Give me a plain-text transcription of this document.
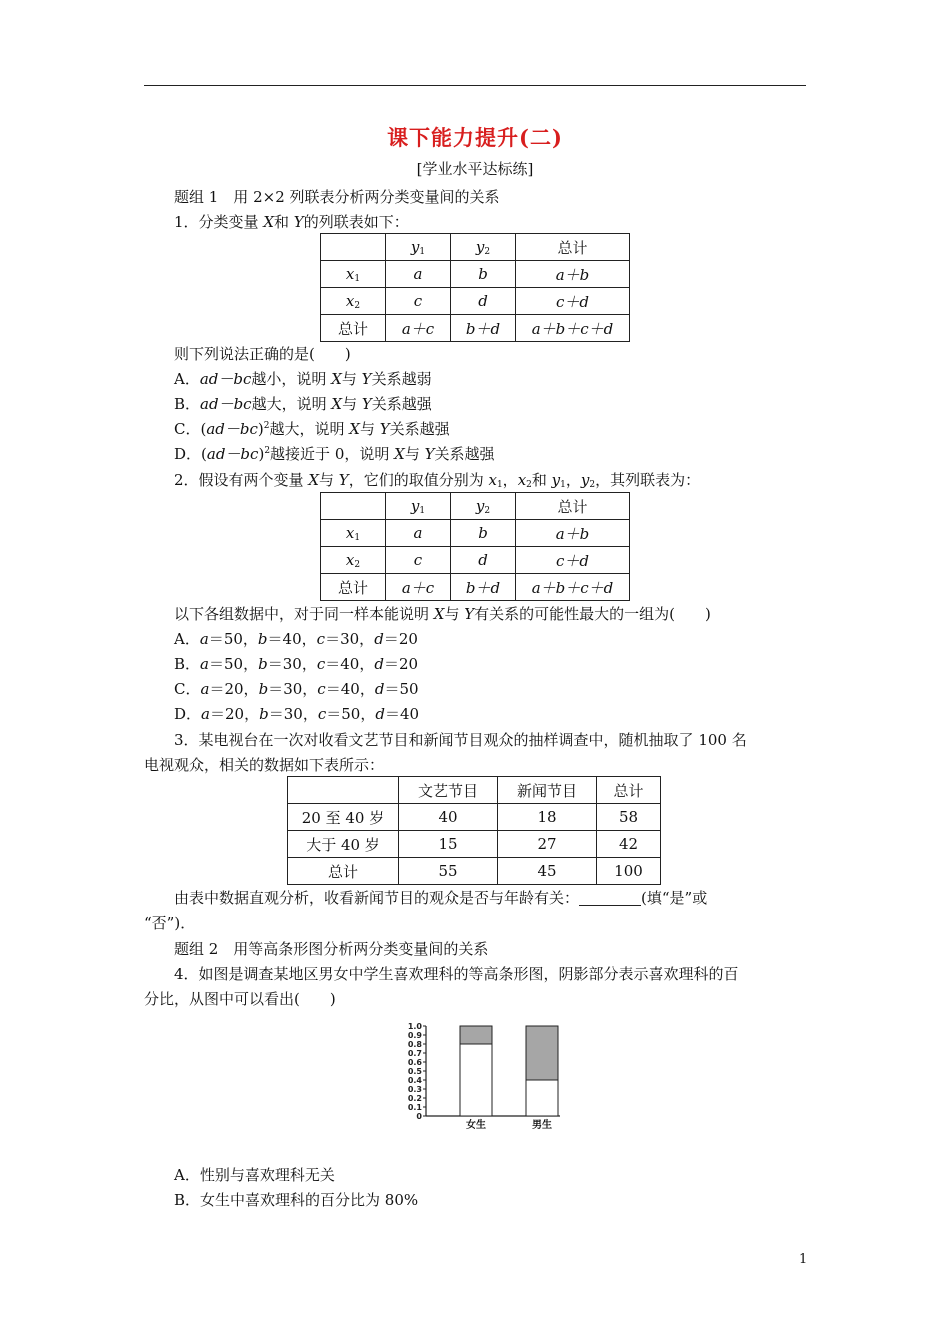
课下能力提升(二)
[学业水平达标练]
题组 1　用 2×2 列联表分析两分类变量间的关系
1．分类变量 X和 Y的列联表如下：
	$y_1$	$y_2$	总计
$x_1$	a	b	a＋b
$x_2$	c	d	c＋d
总计	a＋c	b＋d	a＋b＋c＋d
则下列说法正确的是(　　)
A．ad－bc越小，说明 X与 Y关系越弱
B．ad－bc越大，说明 X与 Y关系越强
C．$(ad-bc)^2$越大，说明 X与 Y关系越强
D．$(ad-bc)^2$越接近于 0，说明 X与 Y关系越强
2．假设有两个变量 X与 Y，它们的取值分别为 $x_1$，$x_2$和 $y_1$，$y_2$，其列联表为：
	$y_1$	$y_2$	总计
$x_1$	a	b	a＋b
$x_2$	c	d	c＋d
总计	a＋c	b＋d	a＋b＋c＋d
以下各组数据中，对于同一样本能说明 X与 Y有关系的可能性最大的一组为(　　)
A．a＝50，b＝40，c＝30，d＝20
B．a＝50，b＝30，c＝40，d＝20
C．a＝20，b＝30，c＝40，d＝50
D．a＝20，b＝30，c＝50，d＝40
3．某电视台在一次对收看文艺节目和新闻节目观众的抽样调查中，随机抽取了 100 名
电视观众，相关的数据如下表所示：
	文艺节目	新闻节目	总计
20 至 40 岁	40	18	58
大于 40 岁	15	27	42
总计	55	45	100
由表中数据直观分析，收看新闻节目的观众是否与年龄有关：	(填“是”或
“否”)．
题组 2　用等高条形图分析两分类变量间的关系
4．如图是调查某地区男女中学生喜欢理科的等高条形图，阴影部分表示喜欢理科的百
分比，从图中可以看出(　　)
0
0.1
0.2
0.3
0.4
0.5
0.6
0.7
0.8
0.9
1.0
女生	男生
A．性别与喜欢理科无关
B．女生中喜欢理科的百分比为 80%
1
